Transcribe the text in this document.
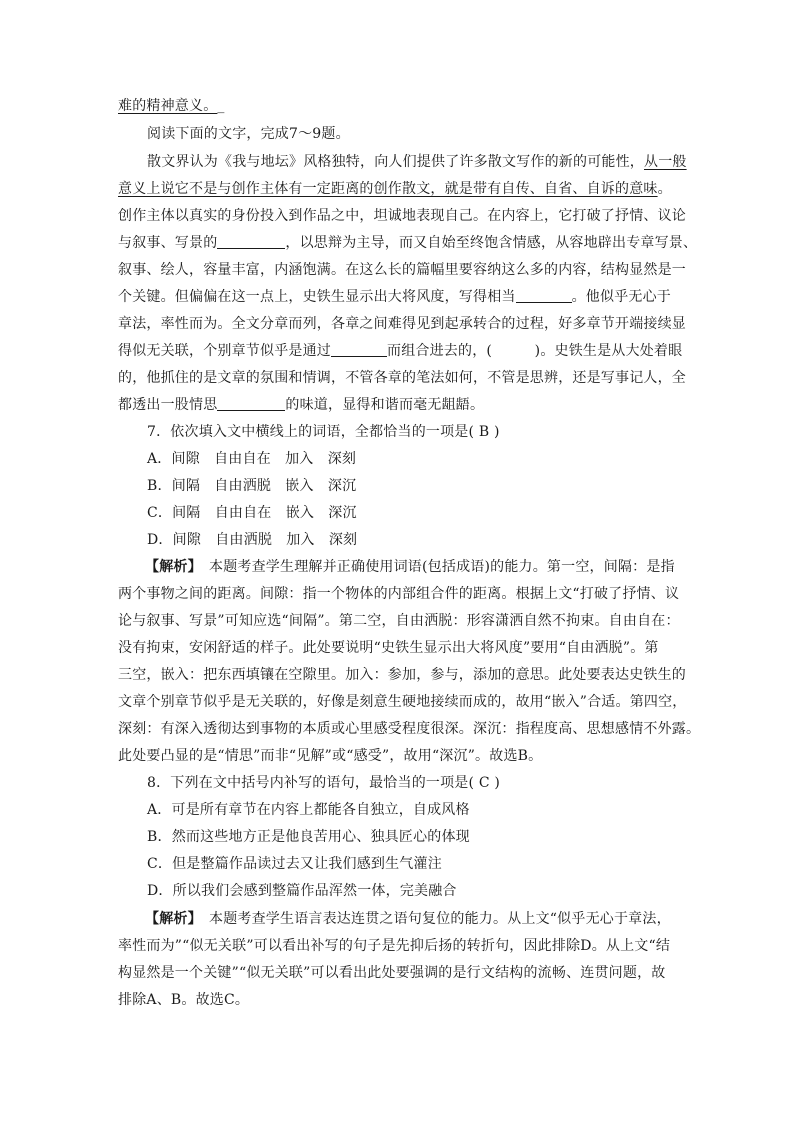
难的精神意义。_
阅读下面的文字，完成7～9题。
散文界认为《我与地坛》风格独特，向人们提供了许多散文写作的新的可能性，从一般
意义上说它不是与创作主体有一定距离的创作散文，就是带有自传、自省、自诉的意味。
创作主体以真实的身份投入到作品之中，坦诚地表现自己。在内容上，它打破了抒情、议论
与叙事、写景的	，以思辩为主导，而又自始至终饱含情感，从容地辟出专章写景、
叙事、绘人，容量丰富，内涵饱满。在这么长的篇幅里要容纳这么多的内容，结构显然是一
个关键。但偏偏在这一点上，史铁生显示出大将风度，写得相当	。他似乎无心于
章法，率性而为。全文分章而列，各章之间难得见到起承转合的过程，好多章节开端接续显
得似无关联，个别章节似乎是通过	而组合进去的，(　　　)。史铁生是从大处着眼
的，他抓住的是文章的氛围和情调，不管各章的笔法如何，不管是思辨，还是写事记人，全
都透出一股情思	的味道，显得和谐而毫无龃龉。
7．依次填入文中横线上的词语，全都恰当的一项是( B )
A．间隙　自由自在　加入　深刻
B．间隔　自由洒脱　嵌入　深沉
C．间隔　自由自在　嵌入　深沉
D．间隙　自由洒脱　加入　深刻
【解析】　本题考查学生理解并正确使用词语(包括成语)的能力。第一空，间隔：是指
两个事物之间的距离。间隙：指一个物体的内部组合件的距离。根据上文“打破了抒情、议
论与叙事、写景”可知应选“间隔”。第二空，自由洒脱：形容潇洒自然不拘束。自由自在：
没有拘束，安闲舒适的样子。此处要说明“史铁生显示出大将风度”要用“自由洒脱”。第
三空，嵌入：把东西填镶在空隙里。加入：参加，参与，添加的意思。此处要表达史铁生的
文章个别章节似乎是无关联的，好像是刻意生硬地接续而成的，故用“嵌入”合适。第四空，
深刻：有深入透彻达到事物的本质或心里感受程度很深。深沉：指程度高、思想感情不外露。
此处要凸显的是“情思”而非“见解”或“感受”，故用“深沉”。故选B。
8．下列在文中括号内补写的语句，最恰当的一项是( C )
A．可是所有章节在内容上都能各自独立，自成风格
B．然而这些地方正是他良苦用心、独具匠心的体现
C．但是整篇作品读过去又让我们感到生气灌注
D．所以我们会感到整篇作品浑然一体，完美融合
【解析】　本题考查学生语言表达连贯之语句复位的能力。从上文“似乎无心于章法，
率性而为”“似无关联”可以看出补写的句子是先抑后扬的转折句，因此排除D。从上文“结
构显然是一个关键”“似无关联”可以看出此处要强调的是行文结构的流畅、连贯问题，故
排除A、B。故选C。
